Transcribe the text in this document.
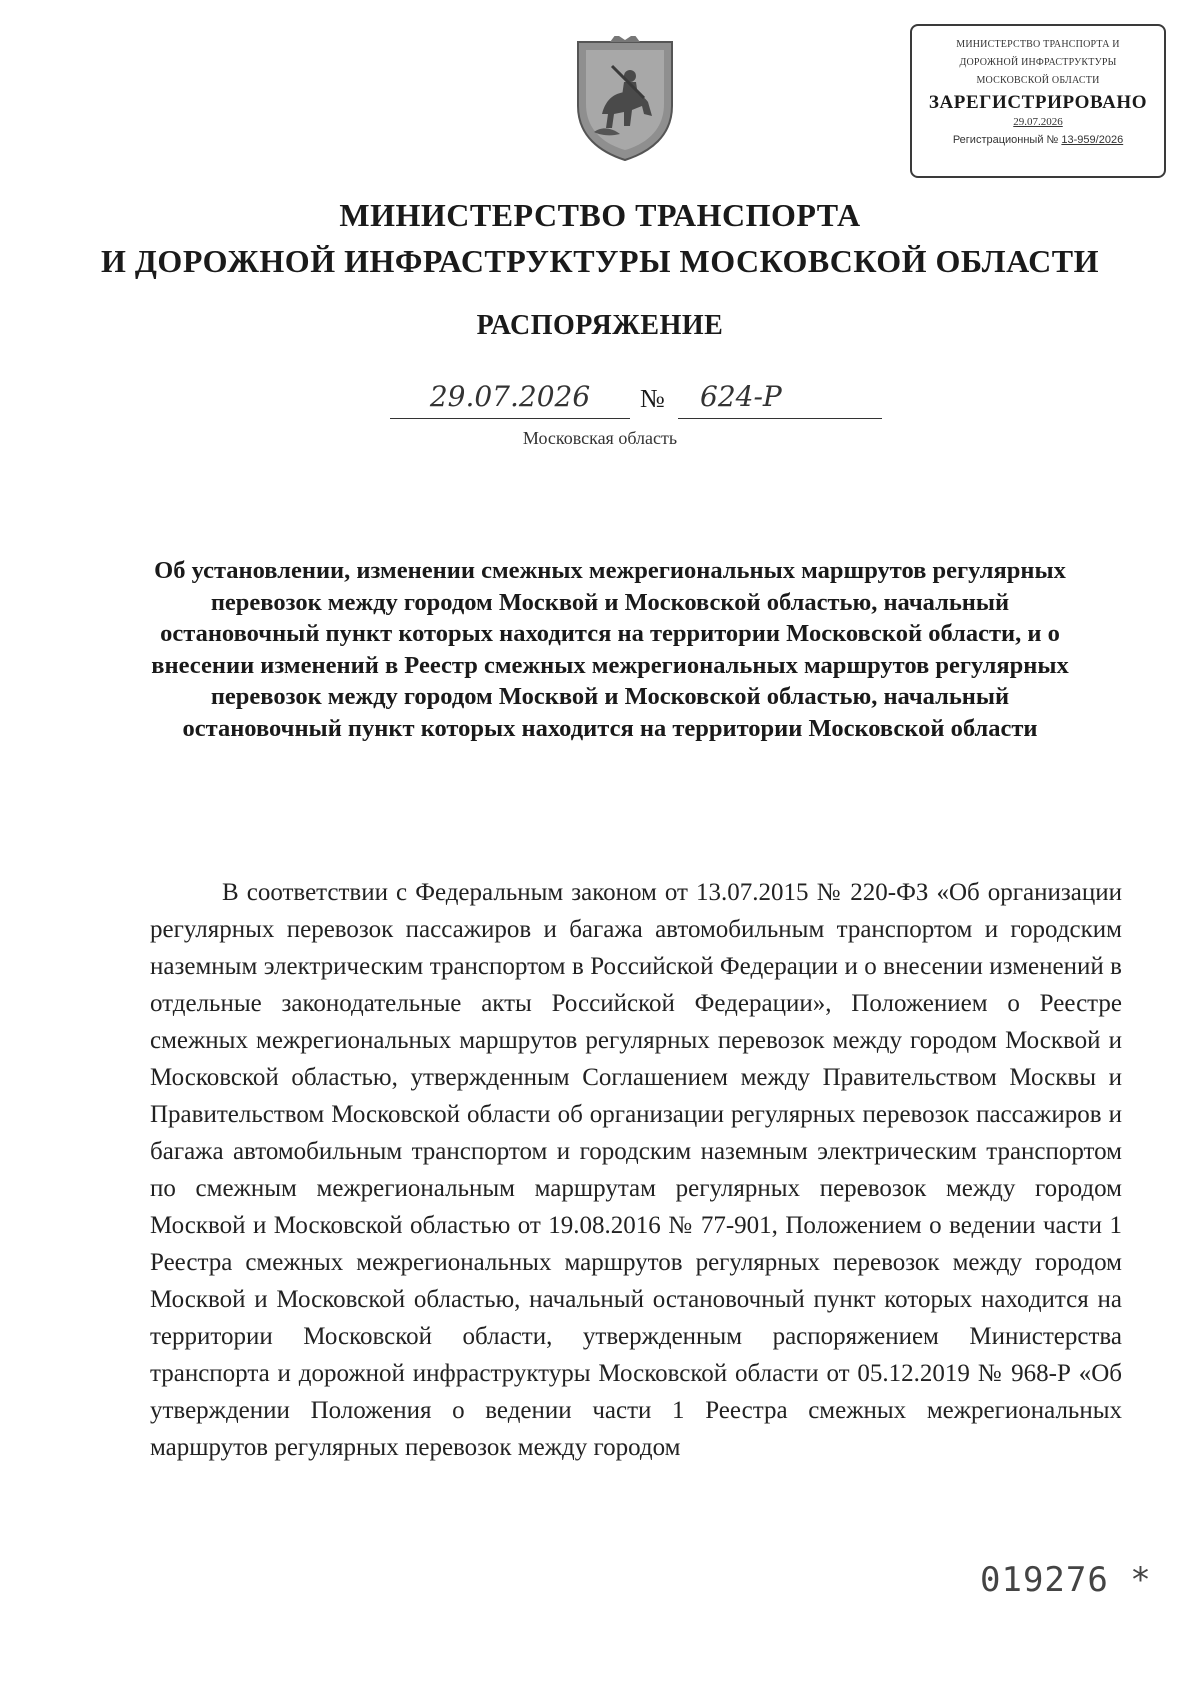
МИНИСТЕРСТВО ТРАНСПОРТА И
ДОРОЖНОЙ ИНФРАСТРУКТУРЫ
МОСКОВСКОЙ ОБЛАСТИ
ЗАРЕГИСТРИРОВАНО
29.07.2026
Регистрационный № 13-959/2026
МИНИСТЕРСТВО ТРАНСПОРТА
И ДОРОЖНОЙ ИНФРАСТРУКТУРЫ МОСКОВСКОЙ ОБЛАСТИ
РАСПОРЯЖЕНИЕ
29.07.2026	№	624-Р
Московская область
Об установлении, изменении смежных межрегиональных маршрутов регулярных перевозок между городом Москвой и Московской областью, начальный остановочный пункт которых находится на территории Московской области, и о внесении изменений в Реестр смежных межрегиональных маршрутов регулярных перевозок между городом Москвой и Московской областью, начальный остановочный пункт которых находится на территории Московской области
В соответствии с Федеральным законом от 13.07.2015 № 220-ФЗ «Об организации регулярных перевозок пассажиров и багажа автомобильным транспортом и городским наземным электрическим транспортом в Российской Федерации и о внесении изменений в отдельные законодательные акты Российской Федерации», Положением о Реестре смежных межрегиональных маршрутов регулярных перевозок между городом Москвой и Московской областью, утвержденным Соглашением между Правительством Москвы и Правительством Московской области об организации регулярных перевозок пассажиров и багажа автомобильным транспортом и городским наземным электрическим транспортом по смежным межрегиональным маршрутам регулярных перевозок между городом Москвой и Московской областью от 19.08.2016 № 77-901, Положением о ведении части 1 Реестра смежных межрегиональных маршрутов регулярных перевозок между городом Москвой и Московской областью, начальный остановочный пункт которых находится на территории Московской области, утвержденным распоряжением Министерства транспорта и дорожной инфраструктуры Московской области от 05.12.2019 № 968-Р «Об утверждении Положения о ведении части 1 Реестра смежных межрегиональных маршрутов регулярных перевозок между городом
019276 *
